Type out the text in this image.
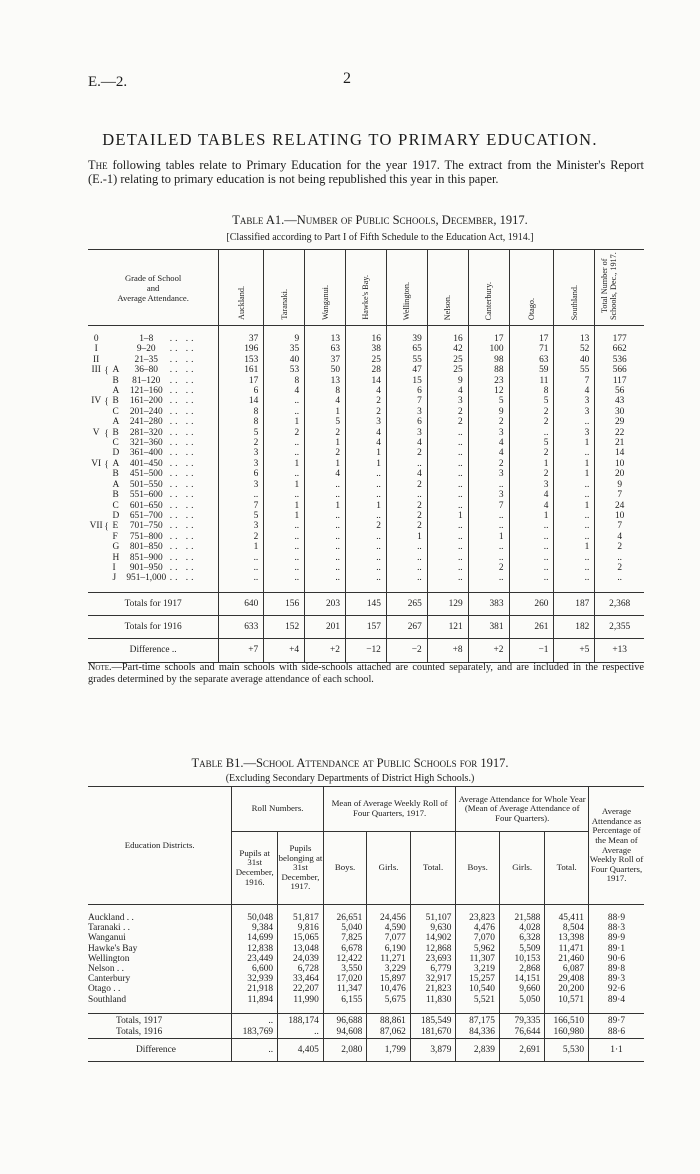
E.—2.	2
DETAILED TABLES RELATING TO PRIMARY EDUCATION.
The following tables relate to Primary Education for the year 1917. The extract from the Minister's Report (E.-1) relating to primary education is not being republished this year in this paper.
Table A1.—Number of Public Schools, December, 1917.
[Classified according to Part I of Fifth Schedule to the Education Act, 1914.]
Grade of School
and
Average Attendance.					Auckland.	Taranaki.	Wanganui.	Hawke's Bay.	Wellington.	Nelson.	Canterbury.	Otago.	Southland.	Total Number of Schools, Dec., 1917.

0			1–8	.. ..	37	9	13	16	39	16	17	17	13	177
I			9–20	.. ..	196	35	63	38	65	42	100	71	52	662
II			21–35	.. ..	153	40	37	25	55	25	98	63	40	536
III	{	A	36–80	.. ..	161	53	50	28	47	25	88	59	55	566
		B	81–120	.. ..	17	8	13	14	15	9	23	11	7	117
		A	121–160	.. ..	6	4	8	4	6	4	12	8	4	56
IV	{	B	161–200	.. ..	14	..	4	2	7	3	5	5	3	43
		C	201–240	.. ..	8	..	1	2	3	2	9	2	3	30
		A	241–280	.. ..	8	1	5	3	6	2	2	2	..	29
V	{	B	281–320	.. ..	5	2	2	4	3	..	3	..	3	22
		C	321–360	.. ..	2	..	1	4	4	..	4	5	1	21
		D	361–400	.. ..	3	..	2	1	2	..	4	2	..	14
VI	{	A	401–450	.. ..	3	1	1	1	..	..	2	1	1	10
		B	451–500	.. ..	6	..	4	..	4	..	3	2	1	20
		A	501–550	.. ..	3	1	..	..	2	..	..	3	..	9
		B	551–600	.. ..	..	..	..	..	..	..	3	4	..	7
		C	601–650	.. ..	7	1	1	1	2	..	7	4	1	24
		D	651–700	.. ..	5	1	..	..	2	1	..	1	..	10
VII	{	E	701–750	.. ..	3	..	..	2	2	..	..	..	..	7
		F	751–800	.. ..	2	..	..	..	1	..	1	..	..	4
		G	801–850	.. ..	1	..	..	..	..	..	..	..	1	2
		H	851–900	.. ..	..	..	..	..	..	..	..	..	..	..
		I	901–950	.. ..	..	..	..	..	..	..	2	..	..	2
		J	951–1,000	.. ..	..	..	..	..	..	..	..	..	..	..

Totals for 1917					640	156	203	145	265	129	383	260	187	2,368
Totals for 1916					633	152	201	157	267	121	381	261	182	2,355
Difference ..					+7	+4	+2	−12	−2	+8	+2	−1	+5	+13
Note.—Part-time schools and main schools with side-schools attached are counted separately, and are included in the respective grades determined by the separate average attendance of each school.
Table B1.—School Attendance at Public Schools for 1917.
(Excluding Secondary Departments of District High Schools.)
Education Districts.	Roll Numbers.		Mean of Average Weekly Roll of Four Quarters, 1917.			Average Attendance for Whole Year (Mean of Average Attendance of Four Quarters).			Average Attendance as Percentage of the Mean of Average Weekly Roll of Four Quarters, 1917.
	Pupils at 31st December, 1916.	Pupils belonging at 31st December, 1917.	Boys.	Girls.	Total.	Boys.	Girls.	Total.	

Auckland . .	50,048	51,817	26,651	24,456	51,107	23,823	21,588	45,411	88·9
Taranaki . .	9,384	9,816	5,040	4,590	9,630	4,476	4,028	8,504	88·3
Wanganui	14,699	15,065	7,825	7,077	14,902	7,070	6,328	13,398	89·9
Hawke's Bay	12,838	13,048	6,678	6,190	12,868	5,962	5,509	11,471	89·1
Wellington	23,449	24,039	12,422	11,271	23,693	11,307	10,153	21,460	90·6
Nelson . .	6,600	6,728	3,550	3,229	6,779	3,219	2,868	6,087	89·8
Canterbury	32,939	33,464	17,020	15,897	32,917	15,257	14,151	29,408	89·3
Otago . .	21,918	22,207	11,347	10,476	21,823	10,540	9,660	20,200	92·6
Southland	11,894	11,990	6,155	5,675	11,830	5,521	5,050	10,571	89·4

Totals, 1917	..	188,174	96,688	88,861	185,549	87,175	79,335	166,510	89·7
Totals, 1916	183,769	..	94,608	87,062	181,670	84,336	76,644	160,980	88·6
Difference	..	4,405	2,080	1,799	3,879	2,839	2,691	5,530	1·1
